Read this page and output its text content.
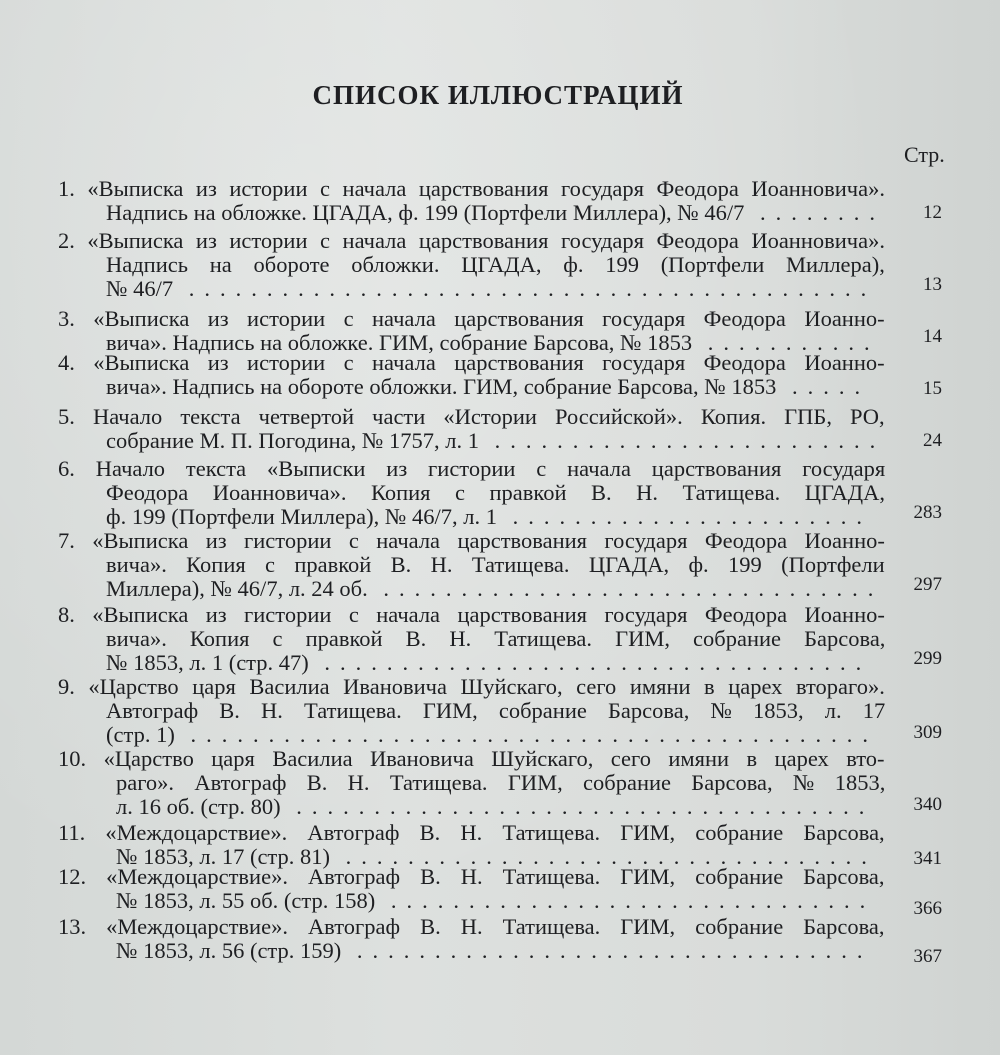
СПИСОК ИЛЛЮСТРАЦИЙ
Стр.
1. «Выписка из истории с начала царствования государя Феодора Иоанновича».
Надпись на обложке. ЦГАДА, ф. 199 (Портфели Миллера), № 46/7 ........	12
2. «Выписка из истории с начала царствования государя Феодора Иоанновича».
Надпись на обороте обложки. ЦГАДА, ф. 199 (Портфели Миллера),
№ 46/7 ............................................	13
3. «Выписка из истории с начала царствования государя Феодора Иоанно-
вича». Надпись на обложке. ГИМ, собрание Барсова, № 1853 ...........	14
4. «Выписка из истории с начала царствования государя Феодора Иоанно-
вича». Надпись на обороте обложки. ГИМ, собрание Барсова, № 1853 .....	15
5. Начало текста четвертой части «Истории Российской». Копия. ГПБ, РО,
собрание М. П. Погодина, № 1757, л. 1 .........................	24
6. Начало текста «Выписки из гистории с начала царствования государя
Феодора Иоанновича». Копия с правкой В. Н. Татищева. ЦГАДА,
ф. 199 (Портфели Миллера), № 46/7, л. 1 .......................	283
7. «Выписка из гистории с начала царствования государя Феодора Иоанно-
вича». Копия с правкой В. Н. Татищева. ЦГАДА, ф. 199 (Портфели
Миллера), № 46/7, л. 24 об. ................................	297
8. «Выписка из гистории с начала царствования государя Феодора Иоанно-
вича». Копия с правкой В. Н. Татищева. ГИМ, собрание Барсова,
№ 1853, л. 1 (стр. 47) ...................................	299
9. «Царство царя Василиа Ивановича Шуйскаго, сего имяни в царех втораго».
Автограф В. Н. Татищева. ГИМ, собрание Барсова, № 1853, л. 17
(стр. 1) ............................................	309
10. «Царство царя Василиа Ивановича Шуйскаго, сего имяни в царех вто-
раго». Автограф В. Н. Татищева. ГИМ, собрание Барсова, № 1853,
л. 16 об. (стр. 80) .....................................	340
11. «Междоцарствие». Автограф В. Н. Татищева. ГИМ, собрание Барсова,
№ 1853, л. 17 (стр. 81) ..................................	341
12. «Междоцарствие». Автограф В. Н. Татищева. ГИМ, собрание Барсова,
№ 1853, л. 55 об. (стр. 158) ...............................	366
13. «Междоцарствие». Автограф В. Н. Татищева. ГИМ, собрание Барсова,
№ 1853, л. 56 (стр. 159) .................................	367
